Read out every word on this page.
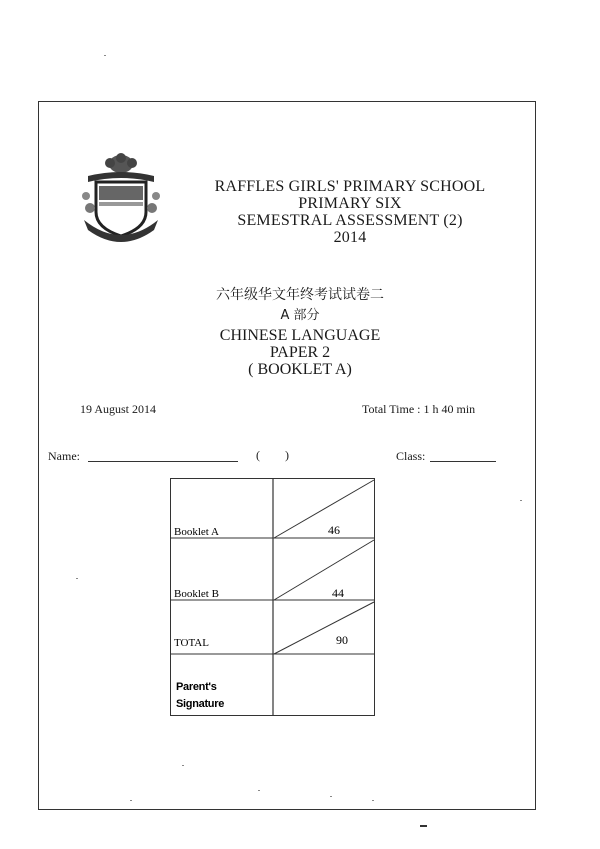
RAFFLES GIRLS' PRIMARY SCHOOL
PRIMARY SIX
SEMESTRAL ASSESSMENT (2)
2014
六年级华文年终考试试卷二
A 部分
CHINESE LANGUAGE
PAPER 2
( BOOKLET A)
19 August 2014	Total Time : 1 h 40 min
Name:	( )	Class:
Booklet A	46
Booklet B	44
TOTAL	90
Parent's
Signature
